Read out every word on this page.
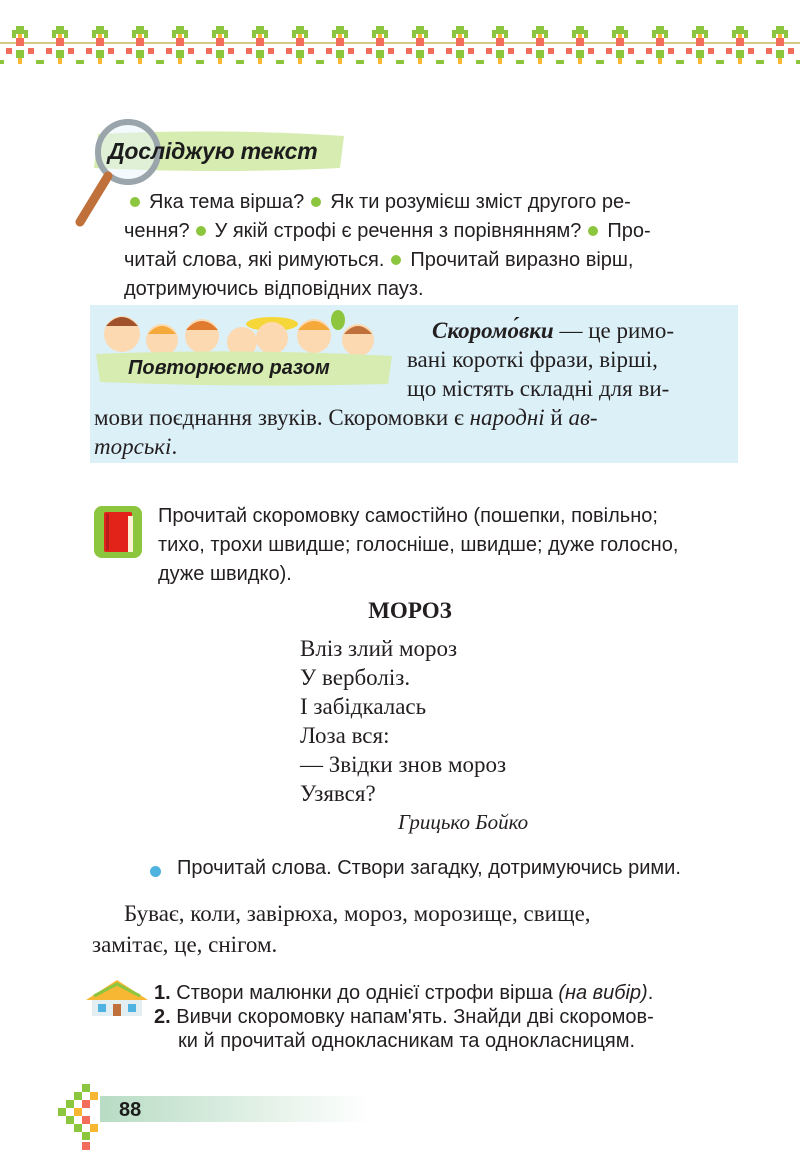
Досліджую текст
Яка тема вірша? Як ти розумієш зміст другого ре-
чення? У якій строфі є речення з порівнянням? Про-
читай слова, які римуються. Прочитай виразно вірш,
дотримуючись відповідних пауз.
Повторюємо разом
Скоромо́вки — це римо-
вані короткі фрази, вірші,
що містять складні для ви-
мови поєднання звуків. Скоромовки є народні й ав-
торські.
Прочитай скоромовку самостійно (пошепки, повільно;
тихо, трохи швидше; голосніше, швидше; дуже голосно,
дуже швидко).
МОРОЗ
Вліз злий мороз
У верболіз.
І забідкалась
Лоза вся:
— Звідки знов мороз
Узявся?
Грицько Бойко
Прочитай слова. Створи загадку, дотримуючись рими.
Буває, коли, завірюха, мороз, морозище, свище,
замітає, це, снігом.
1. Створи малюнки до однієї строфи вірша (на вибір).
2. Вивчи скоромовку напам'ять. Знайди дві скоромов-
ки й прочитай однокласникам та однокласницям.
88
